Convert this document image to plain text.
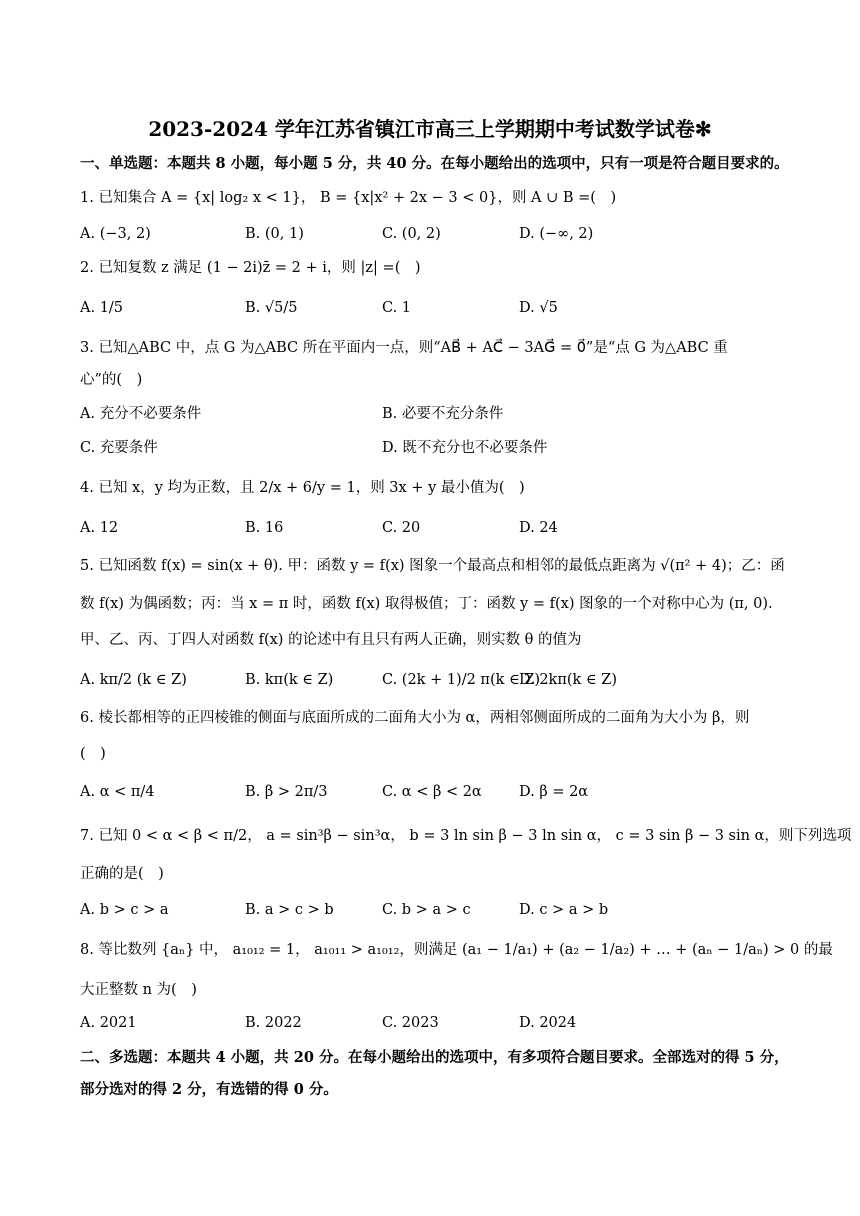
2023-2024 学年江苏省镇江市高三上学期期中考试数学试卷✻
一、单选题：本题共 8 小题，每小题 5 分，共 40 分。在每小题给出的选项中，只有一项是符合题目要求的。
1. 已知集合 A = {x| log₂ x < 1}， B = {x|x² + 2x − 3 < 0}，则 A ∪ B =(　)
A. (−3, 2)	B. (0, 1)	C. (0, 2)	D. (−∞, 2)
2. 已知复数 z 满足 (1 − 2i)z̄ = 2 + i，则 |z| =(　)
A. 1/5	B. √5/5	C. 1	D. √5
3. 已知△ABC 中，点 G 为△ABC 所在平面内一点，则“AB⃗ + AC⃗ − 3AG⃗ = 0⃗”是“点 G 为△ABC 重
心”的(　)
A. 充分不必要条件	B. 必要不充分条件
C. 充要条件	D. 既不充分也不必要条件
4. 已知 x，y 均为正数，且 2/x + 6/y = 1，则 3x + y 最小值为(　)
A. 12	B. 16	C. 20	D. 24
5. 已知函数 f(x) = sin(x + θ). 甲：函数 y = f(x) 图象一个最高点和相邻的最低点距离为 √(π² + 4)；乙：函
数 f(x) 为偶函数；丙：当 x = π 时，函数 f(x) 取得极值；丁：函数 y = f(x) 图象的一个对称中心为 (π, 0).
甲、乙、丙、丁四人对函数 f(x) 的论述中有且只有两人正确，则实数 θ 的值为
A. kπ/2 (k ∈ Z)	B. kπ(k ∈ Z)	C. (2k + 1)/2 π(k ∈ Z)
D. 2kπ(k ∈ Z)
6. 棱长都相等的正四棱锥的侧面与底面所成的二面角大小为 α，两相邻侧面所成的二面角为大小为 β，则
(　)
A. α < π/4	B. β > 2π/3	C. α < β < 2α	D. β = 2α
7. 已知 0 < α < β < π/2， a = sin³β − sin³α， b = 3 ln sin β − 3 ln sin α， c = 3 sin β − 3 sin α，则下列选项
正确的是(　)
A. b > c > a	B. a > c > b	C. b > a > c	D. c > a > b
8. 等比数列 {aₙ} 中， a₁₀₁₂ = 1， a₁₀₁₁ > a₁₀₁₂，则满足 (a₁ − 1/a₁) + (a₂ − 1/a₂) + … + (aₙ − 1/aₙ) > 0 的最
大正整数 n 为(　)
A. 2021	B. 2022	C. 2023	D. 2024
二、多选题：本题共 4 小题，共 20 分。在每小题给出的选项中，有多项符合题目要求。全部选对的得 5 分，
部分选对的得 2 分，有选错的得 0 分。
